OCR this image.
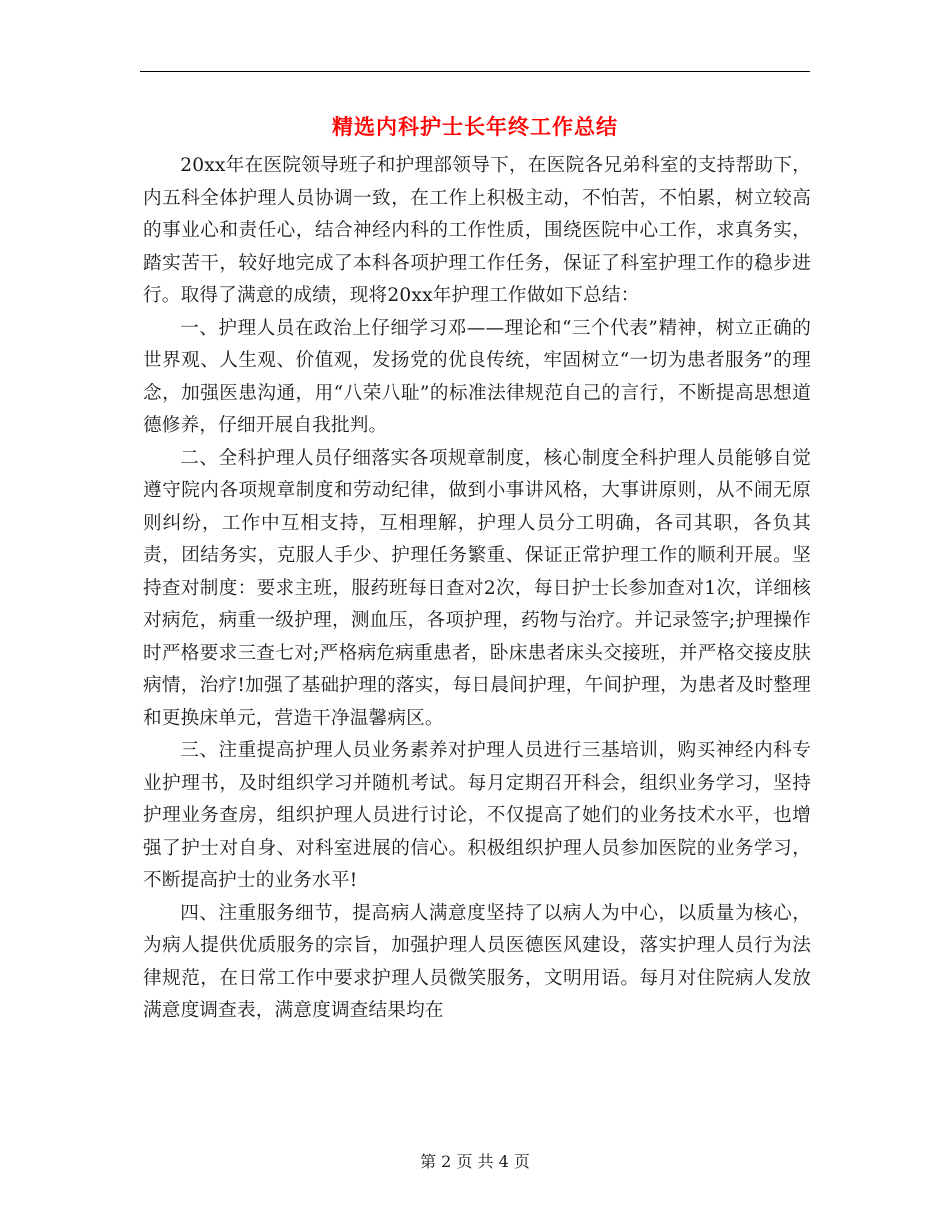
精选内科护士长年终工作总结

20xx年在医院领导班子和护理部领导下，在医院各兄弟科室的支持帮助下，内五科全体护理人员协调一致，在工作上积极主动，不怕苦，不怕累，树立较高的事业心和责任心，结合神经内科的工作性质，围绕医院中心工作，求真务实，踏实苦干，较好地完成了本科各项护理工作任务，保证了科室护理工作的稳步进行。取得了满意的成绩，现将20xx年护理工作做如下总结：

一、护理人员在政治上仔细学习邓——理论和“三个代表”精神，树立正确的世界观、人生观、价值观，发扬党的优良传统，牢固树立“一切为患者服务”的理念，加强医患沟通，用“八荣八耻”的标准法律规范自己的言行，不断提高思想道德修养，仔细开展自我批判。

二、全科护理人员仔细落实各项规章制度，核心制度全科护理人员能够自觉遵守院内各项规章制度和劳动纪律，做到小事讲风格，大事讲原则，从不闹无原则纠纷，工作中互相支持，互相理解，护理人员分工明确，各司其职，各负其责，团结务实，克服人手少、护理任务繁重、保证正常护理工作的顺利开展。坚持查对制度：要求主班，服药班每日查对2次，每日护士长参加查对1次，详细核对病危，病重一级护理，测血压，各项护理，药物与治疗。并记录签字;护理操作时严格要求三查七对;严格病危病重患者，卧床患者床头交接班，并严格交接皮肤病情，治疗!加强了基础护理的落实，每日晨间护理，午间护理，为患者及时整理和更换床单元，营造干净温馨病区。

三、注重提高护理人员业务素养对护理人员进行三基培训，购买神经内科专业护理书，及时组织学习并随机考试。每月定期召开科会，组织业务学习，坚持护理业务查房，组织护理人员进行讨论，不仅提高了她们的业务技术水平，也增强了护士对自身、对科室进展的信心。积极组织护理人员参加医院的业务学习，不断提高护士的业务水平!

四、注重服务细节，提高病人满意度坚持了以病人为中心，以质量为核心，为病人提供优质服务的宗旨，加强护理人员医德医风建设，落实护理人员行为法律规范，在日常工作中要求护理人员微笑服务，文明用语。每月对住院病人发放满意度调查表，满意度调查结果均在

第 2 页 共 4 页
